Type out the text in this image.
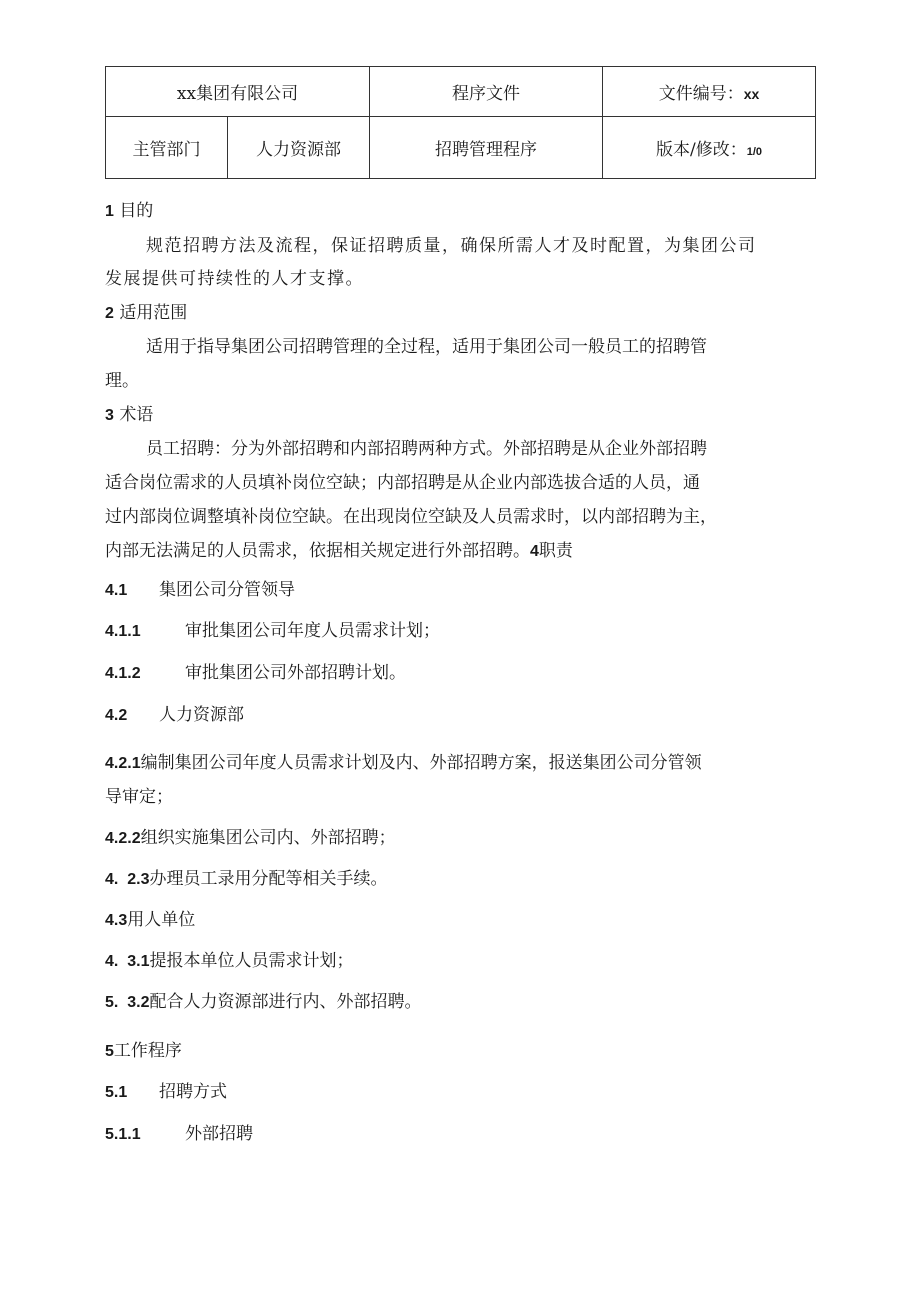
xx集团有限公司		程序文件	文件编号：xx
主管部门	人力资源部	招聘管理程序	版本/修改：1/0
1 目的
规范招聘方法及流程，保证招聘质量，确保所需人才及时配置，为集团公司
发展提供可持续性的人才支撑。
2 适用范围
适用于指导集团公司招聘管理的全过程，适用于集团公司一般员工的招聘管
理。
3 术语
员工招聘：分为外部招聘和内部招聘两种方式。外部招聘是从企业外部招聘
适合岗位需求的人员填补岗位空缺；内部招聘是从企业内部选拔合适的人员，通
过内部岗位调整填补岗位空缺。在出现岗位空缺及人员需求时，以内部招聘为主，
内部无法满足的人员需求，依据相关规定进行外部招聘。4职责
4.1 集团公司分管领导
4.1.1	审批集团公司年度人员需求计划；
4.1.2	审批集团公司外部招聘计划。
4.2 人力资源部
4.2.1编制集团公司年度人员需求计划及内、外部招聘方案，报送集团公司分管领
导审定；
4.2.2组织实施集团公司内、外部招聘；
4.  2.3办理员工录用分配等相关手续。
4.3用人单位
4.  3.1提报本单位人员需求计划；
5.  3.2配合人力资源部进行内、外部招聘。
5工作程序
5.1 招聘方式
5.1.1	外部招聘
